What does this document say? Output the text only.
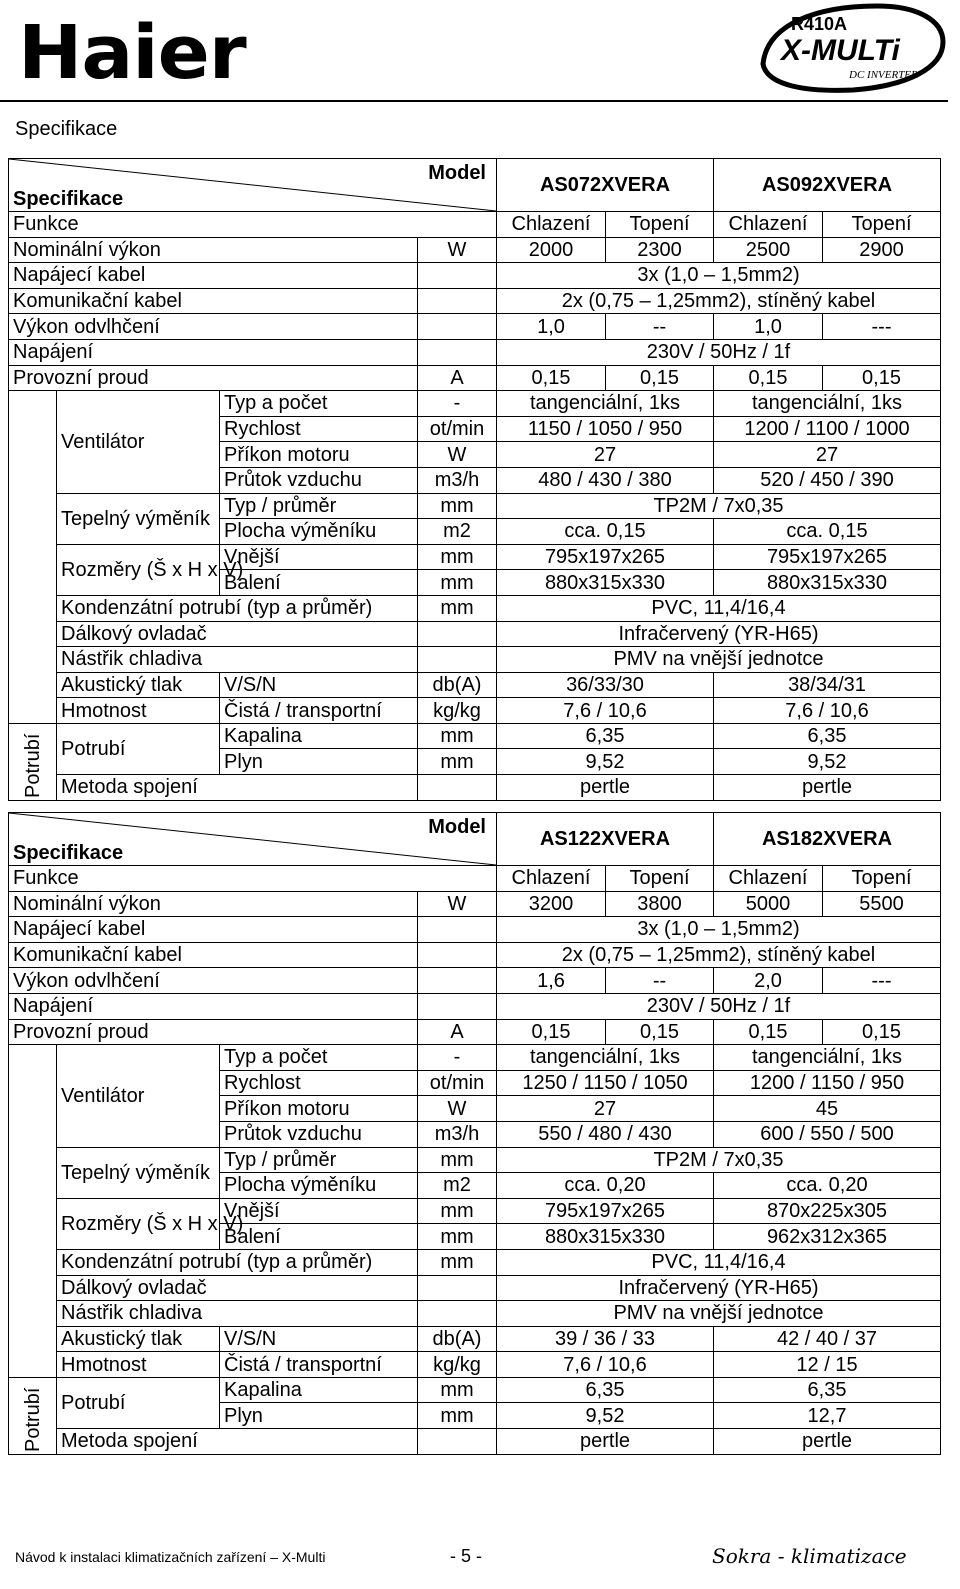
Haier	R410A
X-MULTi
DC INVERTER
Specifikace
Model
Specifikace				AS072XVERA		AS092XVERA	
Funkce				Chlazení	Topení	Chlazení	Topení
Nominální výkon			W	2000	2300	2500	2900
Napájecí kabel				3x (1,0 – 1,5mm2)			
Komunikační kabel				2x (0,75 – 1,25mm2), stíněný kabel			
Výkon odvlhčení				1,0	--	1,0	---
Napájení				230V / 50Hz / 1f			
Provozní proud			A	0,15	0,15	0,15	0,15
	Ventilátor	Typ a počet	-	tangenciální, 1ks		tangenciální, 1ks	
		Rychlost	ot/min	1150 / 1050 / 950		1200 / 1100 / 1000	
		Příkon motoru	W	27		27	
		Průtok vzduchu	m3/h	480 / 430 / 380		520 / 450 / 390	
	Tepelný výměník	Typ / průměr	mm	TP2M / 7x0,35			
		Plocha výměníku	m2	cca. 0,15		cca. 0,15	
	Rozměry (Š x H x V)	Vnější	mm	795x197x265		795x197x265	
		Balení	mm	880x315x330		880x315x330	
	Kondenzátní potrubí (typ a průměr)		mm	PVC, 11,4/16,4			
	Dálkový ovladač			Infračervený (YR-H65)			
	Nástřik chladiva			PMV na vnější jednotce			
	Akustický tlak	V/S/N	db(A)	36/33/30		38/34/31	
	Hmotnost	Čistá / transportní	kg/kg	7,6 / 10,6		7,6 / 10,6	

Potrubí	Potrubí	Kapalina	mm	6,35		6,35	
		Plyn	mm	9,52		9,52	
	Metoda spojení			pertle		pertle	
Model
Specifikace				AS122XVERA		AS182XVERA	
Funkce				Chlazení	Topení	Chlazení	Topení
Nominální výkon			W	3200	3800	5000	5500
Napájecí kabel				3x (1,0 – 1,5mm2)			
Komunikační kabel				2x (0,75 – 1,25mm2), stíněný kabel			
Výkon odvlhčení				1,6	--	2,0	---
Napájení				230V / 50Hz / 1f			
Provozní proud			A	0,15	0,15	0,15	0,15
	Ventilátor	Typ a počet	-	tangenciální, 1ks		tangenciální, 1ks	
		Rychlost	ot/min	1250 / 1150 / 1050		1200 / 1150 / 950	
		Příkon motoru	W	27		45	
		Průtok vzduchu	m3/h	550 / 480 / 430		600 / 550 / 500	
	Tepelný výměník	Typ / průměr	mm	TP2M / 7x0,35			
		Plocha výměníku	m2	cca. 0,20		cca. 0,20	
	Rozměry (Š x H x V)	Vnější	mm	795x197x265		870x225x305	
		Balení	mm	880x315x330		962x312x365	
	Kondenzátní potrubí (typ a průměr)		mm	PVC, 11,4/16,4			
	Dálkový ovladač			Infračervený (YR-H65)			
	Nástřik chladiva			PMV na vnější jednotce			
	Akustický tlak	V/S/N	db(A)	39 / 36 / 33		42 / 40 / 37	
	Hmotnost	Čistá / transportní	kg/kg	7,6 / 10,6		12 / 15	

Potrubí	Potrubí	Kapalina	mm	6,35		6,35	
		Plyn	mm	9,52		12,7	
	Metoda spojení			pertle		pertle	
Návod k instalaci klimatizačních zařízení – X-Multi	- 5 -	Sokra - klimatizace
